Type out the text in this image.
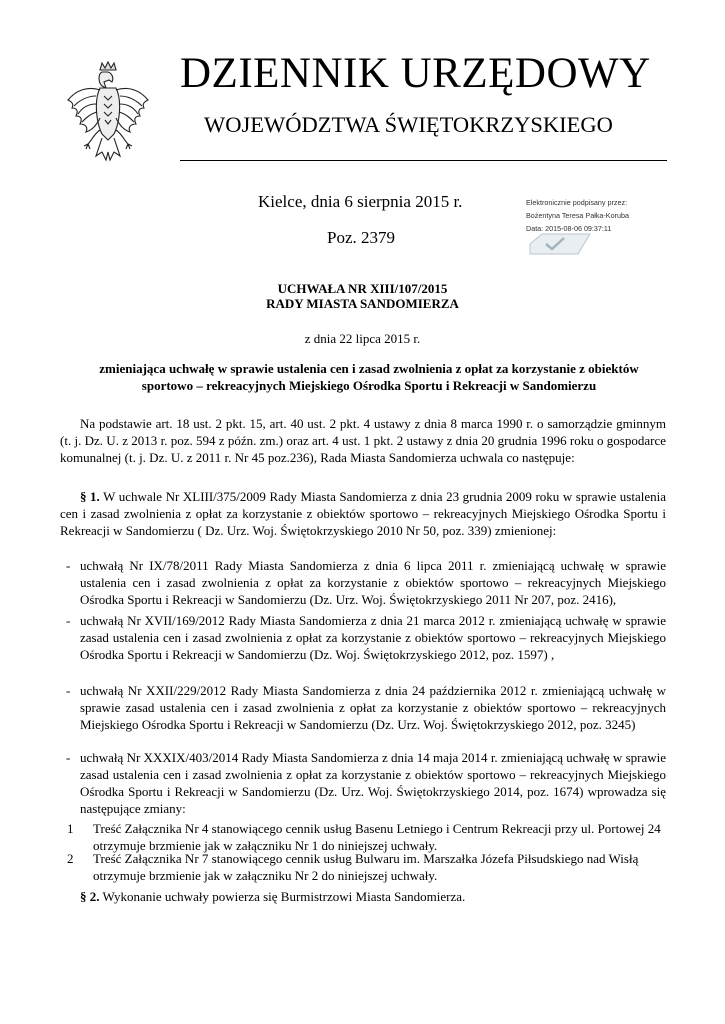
DZIENNIK URZĘDOWY
WOJEWÓDZTWA ŚWIĘTOKRZYSKIEGO
Kielce, dnia 6 sierpnia 2015 r.
Poz. 2379
Elektronicznie podpisany przez:
Bożentyna Teresa Pałka-Koruba
Data: 2015-08-06 09:37:11
UCHWAŁA NR XIII/107/2015
RADY MIASTA SANDOMIERZA
z dnia 22 lipca 2015 r.
zmieniająca uchwałę w sprawie ustalenia cen i zasad zwolnienia z opłat za korzystanie z obiektów sportowo – rekreacyjnych Miejskiego Ośrodka Sportu i Rekreacji w Sandomierzu
Na podstawie art. 18 ust. 2 pkt. 15, art. 40 ust. 2 pkt. 4 ustawy z dnia 8 marca 1990 r. o samorządzie gminnym (t. j. Dz. U. z 2013 r. poz. 594 z późn. zm.) oraz art. 4 ust. 1 pkt. 2 ustawy z dnia 20 grudnia 1996 roku o gospodarce komunalnej (t. j. Dz. U. z 2011 r. Nr 45 poz.236), Rada Miasta Sandomierza uchwala co następuje:
§ 1. W uchwale Nr XLIII/375/2009 Rady Miasta Sandomierza z dnia 23 grudnia 2009 roku w sprawie ustalenia cen i zasad zwolnienia z opłat za korzystanie z obiektów sportowo – rekreacyjnych Miejskiego Ośrodka Sportu i Rekreacji w Sandomierzu ( Dz. Urz. Woj. Świętokrzyskiego 2010 Nr 50, poz. 339) zmienionej:
- uchwałą Nr IX/78/2011 Rady Miasta Sandomierza z dnia 6 lipca 2011 r. zmieniającą uchwałę w sprawie ustalenia cen i zasad zwolnienia z opłat za korzystanie z obiektów sportowo – rekreacyjnych Miejskiego Ośrodka Sportu i Rekreacji w Sandomierzu (Dz. Urz. Woj. Świętokrzyskiego 2011 Nr 207, poz. 2416),
- uchwałą Nr XVII/169/2012 Rady Miasta Sandomierza z dnia 21 marca 2012 r. zmieniającą uchwałę w sprawie zasad ustalenia cen i zasad zwolnienia z opłat za korzystanie z obiektów sportowo – rekreacyjnych Miejskiego Ośrodka Sportu i Rekreacji w Sandomierzu (Dz. Woj. Świętokrzyskiego 2012, poz. 1597) ,
- uchwałą Nr XXII/229/2012 Rady Miasta Sandomierza z dnia 24 października 2012 r. zmieniającą uchwałę w sprawie zasad ustalenia cen i zasad zwolnienia z opłat za korzystanie z obiektów sportowo – rekreacyjnych Miejskiego Ośrodka Sportu i Rekreacji w Sandomierzu (Dz. Urz. Woj. Świętokrzyskiego 2012, poz. 3245)
- uchwałą Nr XXXIX/403/2014 Rady Miasta Sandomierza z dnia 14 maja 2014 r. zmieniającą uchwałę w sprawie zasad ustalenia cen i zasad zwolnienia z opłat za korzystanie z obiektów sportowo – rekreacyjnych Miejskiego Ośrodka Sportu i Rekreacji w Sandomierzu (Dz. Urz. Woj. Świętokrzyskiego 2014, poz. 1674) wprowadza się następujące zmiany:
1 Treść Załącznika Nr 4 stanowiącego cennik usług Basenu Letniego i Centrum Rekreacji przy ul. Portowej 24 otrzymuje brzmienie jak w załączniku Nr 1 do niniejszej uchwały.
2 Treść Załącznika Nr 7 stanowiącego cennik usług Bulwaru im. Marszałka Józefa Piłsudskiego nad Wisłą otrzymuje brzmienie jak w załączniku Nr 2 do niniejszej uchwały.
§ 2. Wykonanie uchwały powierza się Burmistrzowi Miasta Sandomierza.
